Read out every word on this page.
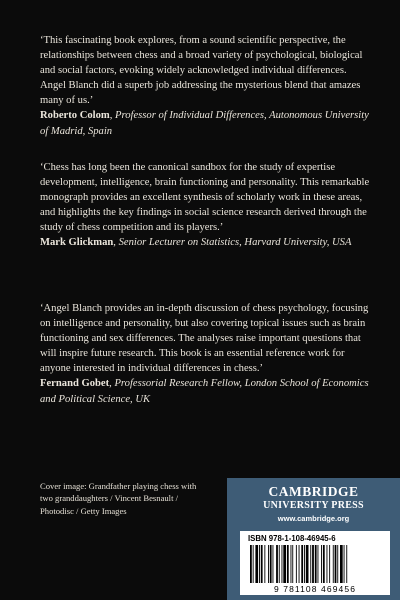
‘This fascinating book explores, from a sound scientific perspective, the relationships between chess and a broad variety of psychological, biological and social factors, evoking widely acknowledged individual differences. Angel Blanch did a superb job addressing the mysterious blend that amazes many of us.’

Roberto Colom, Professor of Individual Differences, Autonomous University of Madrid, Spain

‘Chess has long been the canonical sandbox for the study of expertise development, intelligence, brain functioning and personality. This remarkable monograph provides an excellent synthesis of scholarly work in these areas, and highlights the key findings in social science research derived through the study of chess competition and its players.’

Mark Glickman, Senior Lecturer on Statistics, Harvard University, USA

‘Angel Blanch provides an in-depth discussion of chess psychology, focusing on intelligence and personality, but also covering topical issues such as brain functioning and sex differences. The analyses raise important questions that will inspire future research. This book is an essential reference work for anyone interested in individual differences in chess.’

Fernand Gobet, Professorial Research Fellow, London School of Economics and Political Science, UK

Cover image: Grandfather playing chess with two granddaughters / Vincent Besnault / Photodisc / Getty Images
CAMBRIDGE
UNIVERSITY PRESS
www.cambridge.org
ISBN 978-1-108-46945-6
9 781108 469456
